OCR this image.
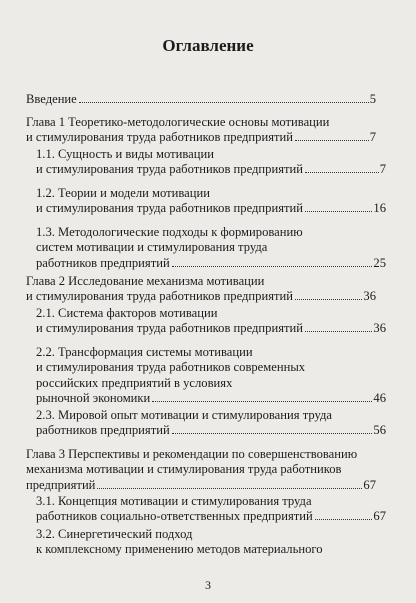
Оглавление
Введение	5
Глава 1 Теоретико-методологические основы мотивации
и стимулирования труда работников предприятий	7
1.1. Сущность и виды мотивации
и стимулирования труда работников предприятий	7
1.2. Теории и модели мотивации
и стимулирования труда работников предприятий	16
1.3. Методологические подходы к формированию
систем мотивации и стимулирования труда
работников предприятий	25
Глава 2 Исследование механизма мотивации
и стимулирования труда работников предприятий	36
2.1. Система факторов мотивации
и стимулирования труда работников предприятий	36
2.2. Трансформация системы мотивации
и стимулирования труда работников современных
российских предприятий в условиях
рыночной экономики	46
2.3. Мировой опыт мотивации и стимулирования труда
работников предприятий	56
Глава 3 Перспективы и рекомендации по совершенствованию
механизма мотивации и стимулирования труда работников
предприятий	67
3.1. Концепция мотивации и стимулирования труда
работников социально-ответственных предприятий	67
3.2. Синергетический подход
к комплексному применению методов материального
3
